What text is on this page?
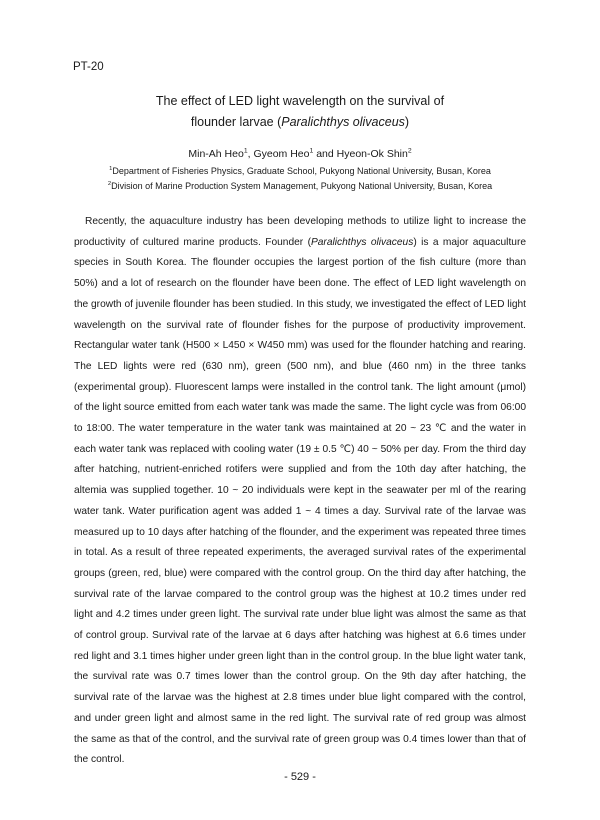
PT-20
The effect of LED light wavelength on the survival of
flounder larvae (Paralichthys olivaceus)
Min-Ah Heo$^1$, Gyeom Heo$^1$ and Hyeon-Ok Shin$^2$
$^1$Department of Fisheries Physics, Graduate School, Pukyong National University, Busan, Korea
$^2$Division of Marine Production System Management, Pukyong National University, Busan, Korea

Recently, the aquaculture industry has been developing methods to utilize light to increase the productivity of cultured marine products. Founder (Paralichthys olivaceus) is a major aquaculture species in South Korea. The flounder occupies the largest portion of the fish culture (more than 50%) and a lot of research on the flounder have been done. The effect of LED light wavelength on the growth of juvenile flounder has been studied. In this study, we investigated the effect of LED light wavelength on the survival rate of flounder fishes for the purpose of productivity improvement. Rectangular water tank (H500 × L450 × W450 mm) was used for the flounder hatching and rearing. The LED lights were red (630 nm), green (500 nm), and blue (460 nm) in the three tanks (experimental group). Fluorescent lamps were installed in the control tank. The light amount (μmol) of the light source emitted from each water tank was made the same. The light cycle was from 06:00 to 18:00. The water temperature in the water tank was maintained at 20 ~ 23 ℃ and the water in each water tank was replaced with cooling water (19 ± 0.5 ℃) 40 ~ 50% per day. From the third day after hatching, nutrient-enriched rotifers were supplied and from the 10th day after hatching, the altemia was supplied together. 10 ~ 20 individuals were kept in the seawater per ml of the rearing water tank. Water purification agent was added 1 ~ 4 times a day. Survival rate of the larvae was measured up to 10 days after hatching of the flounder, and the experiment was repeated three times in total. As a result of three repeated experiments, the averaged survival rates of the experimental groups (green, red, blue) were compared with the control group. On the third day after hatching, the survival rate of the larvae compared to the control group was the highest at 10.2 times under red light and 4.2 times under green light. The survival rate under blue light was almost the same as that of control group. Survival rate of the larvae at 6 days after hatching was highest at 6.6 times under red light and 3.1 times higher under green light than in the control group. In the blue light water tank, the survival rate was 0.7 times lower than the control group. On the 9th day after hatching, the survival rate of the larvae was the highest at 2.8 times under blue light compared with the control, and under green light and almost same in the red light. The survival rate of red group was almost the same as that of the control, and the survival rate of green group was 0.4 times lower than that of the control.

- 529 -
